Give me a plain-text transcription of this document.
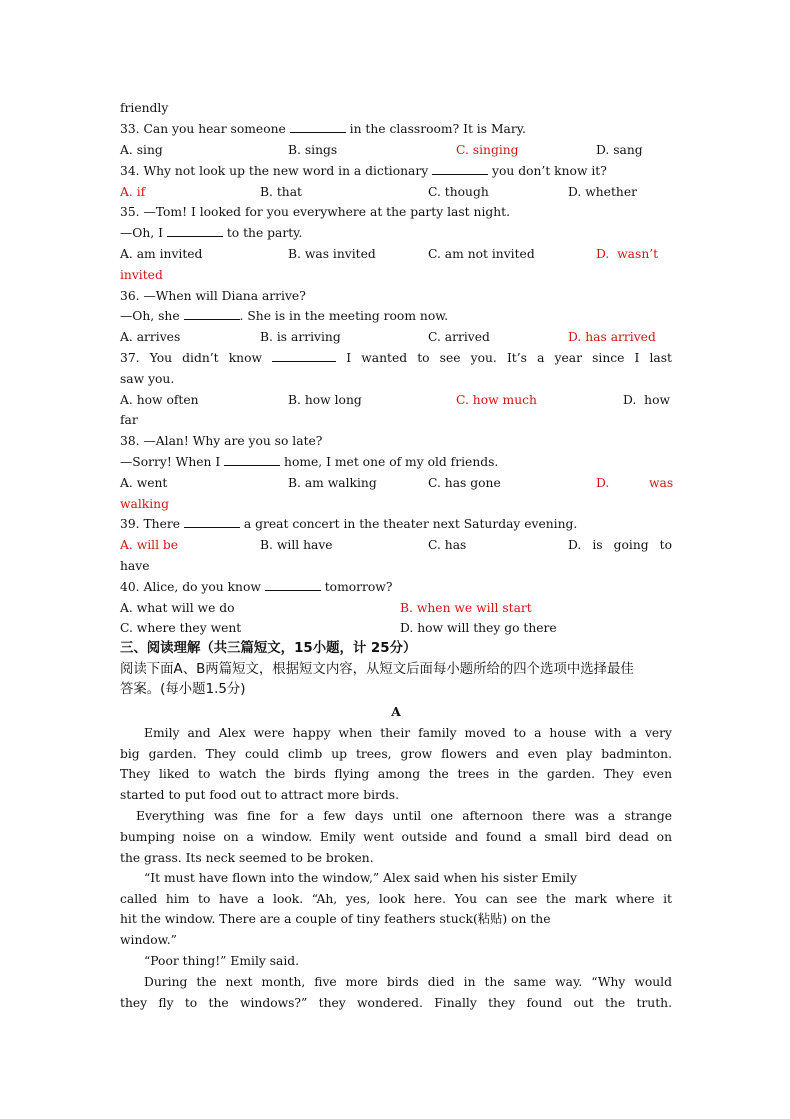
friendly
33. Can you hear someone	in the classroom? It is Mary.

A. sing

	B. sings

	C. singing

	D. sang

34. Why not look up the new word in a dictionary	you don’t know it?

A. if

	B. that

	C. though

	D. whether

35. —Tom! I looked for you everywhere at the party last night.
—Oh, I	to the party.

A. am invited

	B. was invited

	C. am not invited

	D.  wasn’t

invited
36. —When will Diana arrive?
—Oh, she	. She is in the meeting room now.

A. arrives

	B. is arriving

	C. arrived

	D. has arrived

37. You didn’t know	I wanted to see you. It’s a year since I last
saw you.

A. how often

	B. how long

	C. how much

	D.  how

far
38. —Alan! Why are you so late?
—Sorry! When I	home, I met one of my old friends.

A. went

	B. am walking

	C. has gone

	D.

	was

walking
39. There	a great concert in the theater next Saturday evening.

A. will be

	B. will have

	C. has

	D.  is  going  to

have
40. Alice, do you know	tomorrow?

A. what will we do

	B. when we will start

C. where they went

	D. how will they go there

三、阅读理解（共三篇短文，15小题，计 25分）
阅读下面A、B两篇短文，根据短文内容，从短文后面每小题所给的四个选项中选择最佳
答案。(每小题1.5分)
A
Emily and Alex were happy when their family moved to a house with a very
big garden. They could climb up trees, grow flowers and even play badminton.
They liked to watch the birds flying among the trees in the garden. They even
started to put food out to attract more birds.
Everything was fine for a few days until one afternoon there was a strange
bumping noise on a window. Emily went outside and found a small bird dead on
the grass. Its neck seemed to be broken.
“It must have flown into the window,” Alex said when his sister Emily
called him to have a look. “Ah, yes, look here. You can see the mark where it
hit the window. There are a couple of tiny feathers stuck(粘贴) on the
window.”
“Poor thing!” Emily said.
During the next month, five more birds died in the same way. “Why would
they fly to the windows?” they wondered. Finally they found out the truth.
